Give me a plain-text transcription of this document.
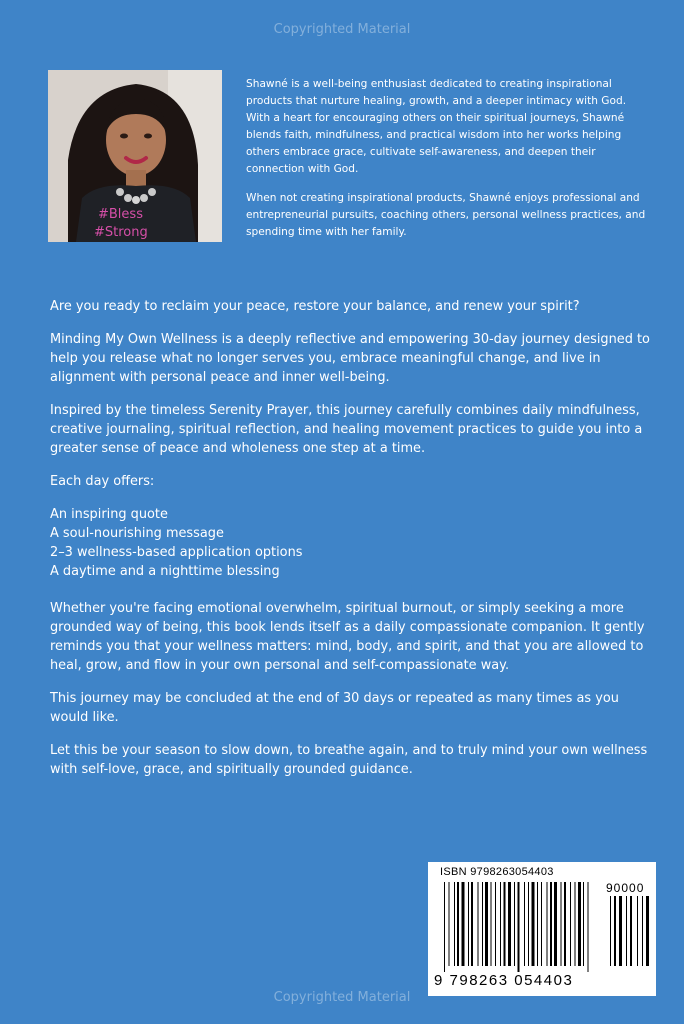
Copyrighted Material
#Bless
#Strong

Shawné is a well-being enthusiast dedicated to creating inspirational products that nurture healing, growth, and a deeper intimacy with God. With a heart for encouraging others on their spiritual journeys, Shawné blends faith, mindfulness, and practical wisdom into her works helping others embrace grace, cultivate self-awareness, and deepen their connection with God.

When not creating inspirational products, Shawné enjoys professional and entrepreneurial pursuits, coaching others, personal wellness practices, and spending time with her family.

Are you ready to reclaim your peace, restore your balance, and renew your spirit?

Minding My Own Wellness is a deeply reflective and empowering 30-day journey designed to help you release what no longer serves you, embrace meaningful change, and live in alignment with personal peace and inner well-being.

Inspired by the timeless Serenity Prayer, this journey carefully combines daily mindfulness, creative journaling, spiritual reflection, and healing movement practices to guide you into a greater sense of peace and wholeness one step at a time.

Each day offers:

An inspiring quote
A soul-nourishing message
2–3 wellness-based application options
A daytime and a nighttime blessing

Whether you're facing emotional overwhelm, spiritual burnout, or simply seeking a more grounded way of being, this book lends itself as a daily compassionate companion. It gently reminds you that your wellness matters: mind, body, and spirit, and that you are allowed to heal, grow, and flow in your own personal and self-compassionate way.

This journey may be concluded at the end of 30 days or repeated as many times as you would like.

Let this be your season to slow down, to breathe again, and to truly mind your own wellness with self-love, grace, and spiritually grounded guidance.

ISBN 9798263054403
90000
9 798263 054403
Copyrighted Material
